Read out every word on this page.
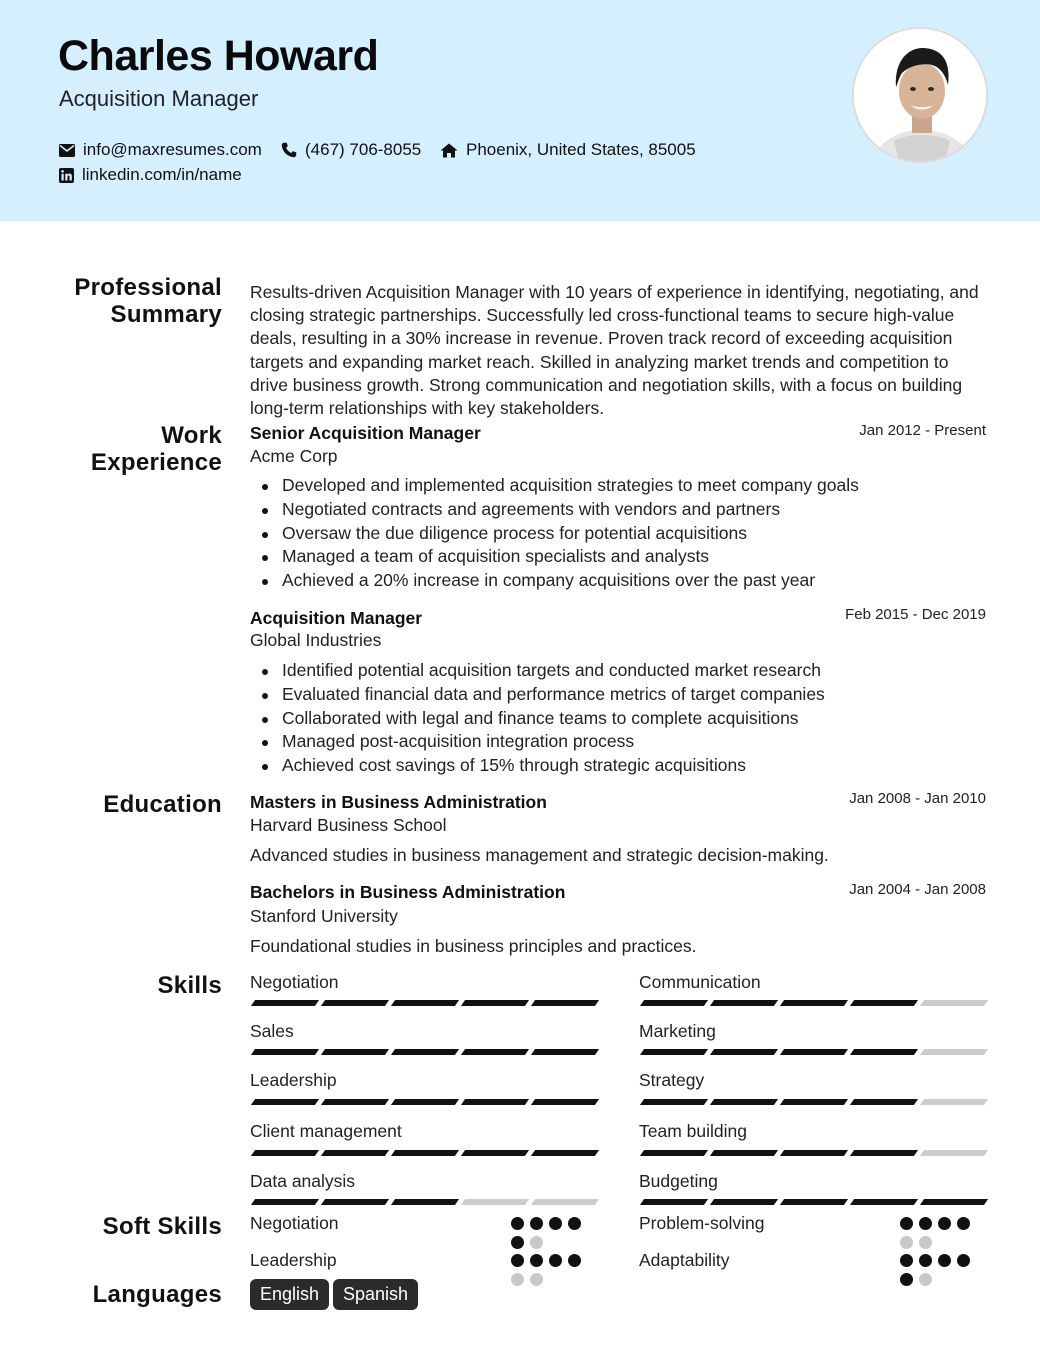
Charles Howard
Acquisition Manager
info@maxresumes.com	(467) 706-8055	Phoenix, United States, 85005
linkedin.com/in/name
Professional
Summary
Results-driven Acquisition Manager with 10 years of experience in identifying, negotiating, and closing strategic partnerships. Successfully led cross-functional teams to secure high-value deals, resulting in a 30% increase in revenue. Proven track record of exceeding acquisition targets and expanding market reach. Skilled in analyzing market trends and competition to drive business growth. Strong communication and negotiation skills, with a focus on building long-term relationships with key stakeholders.
Work
Experience
Senior Acquisition Manager	Jan 2012 - Present
Acme Corp
Developed and implemented acquisition strategies to meet company goals
Negotiated contracts and agreements with vendors and partners
Oversaw the due diligence process for potential acquisitions
Managed a team of acquisition specialists and analysts
Achieved a 20% increase in company acquisitions over the past year
Acquisition Manager	Feb 2015 - Dec 2019
Global Industries
Identified potential acquisition targets and conducted market research
Evaluated financial data and performance metrics of target companies
Collaborated with legal and finance teams to complete acquisitions
Managed post-acquisition integration process
Achieved cost savings of 15% through strategic acquisitions
Education Masters in Business Administration	Jan 2008 - Jan 2010
Harvard Business School
Advanced studies in business management and strategic decision-making.
Bachelors in Business Administration	Jan 2004 - Jan 2008
Stanford University
Foundational studies in business principles and practices.
Skills Negotiation	Communication
Sales	Marketing
Leadership	Strategy
Client management	Team building
Data analysis	Budgeting
Soft Skills Negotiation	Problem-solving
Leadership	Adaptability
Languages	English	Spanish
